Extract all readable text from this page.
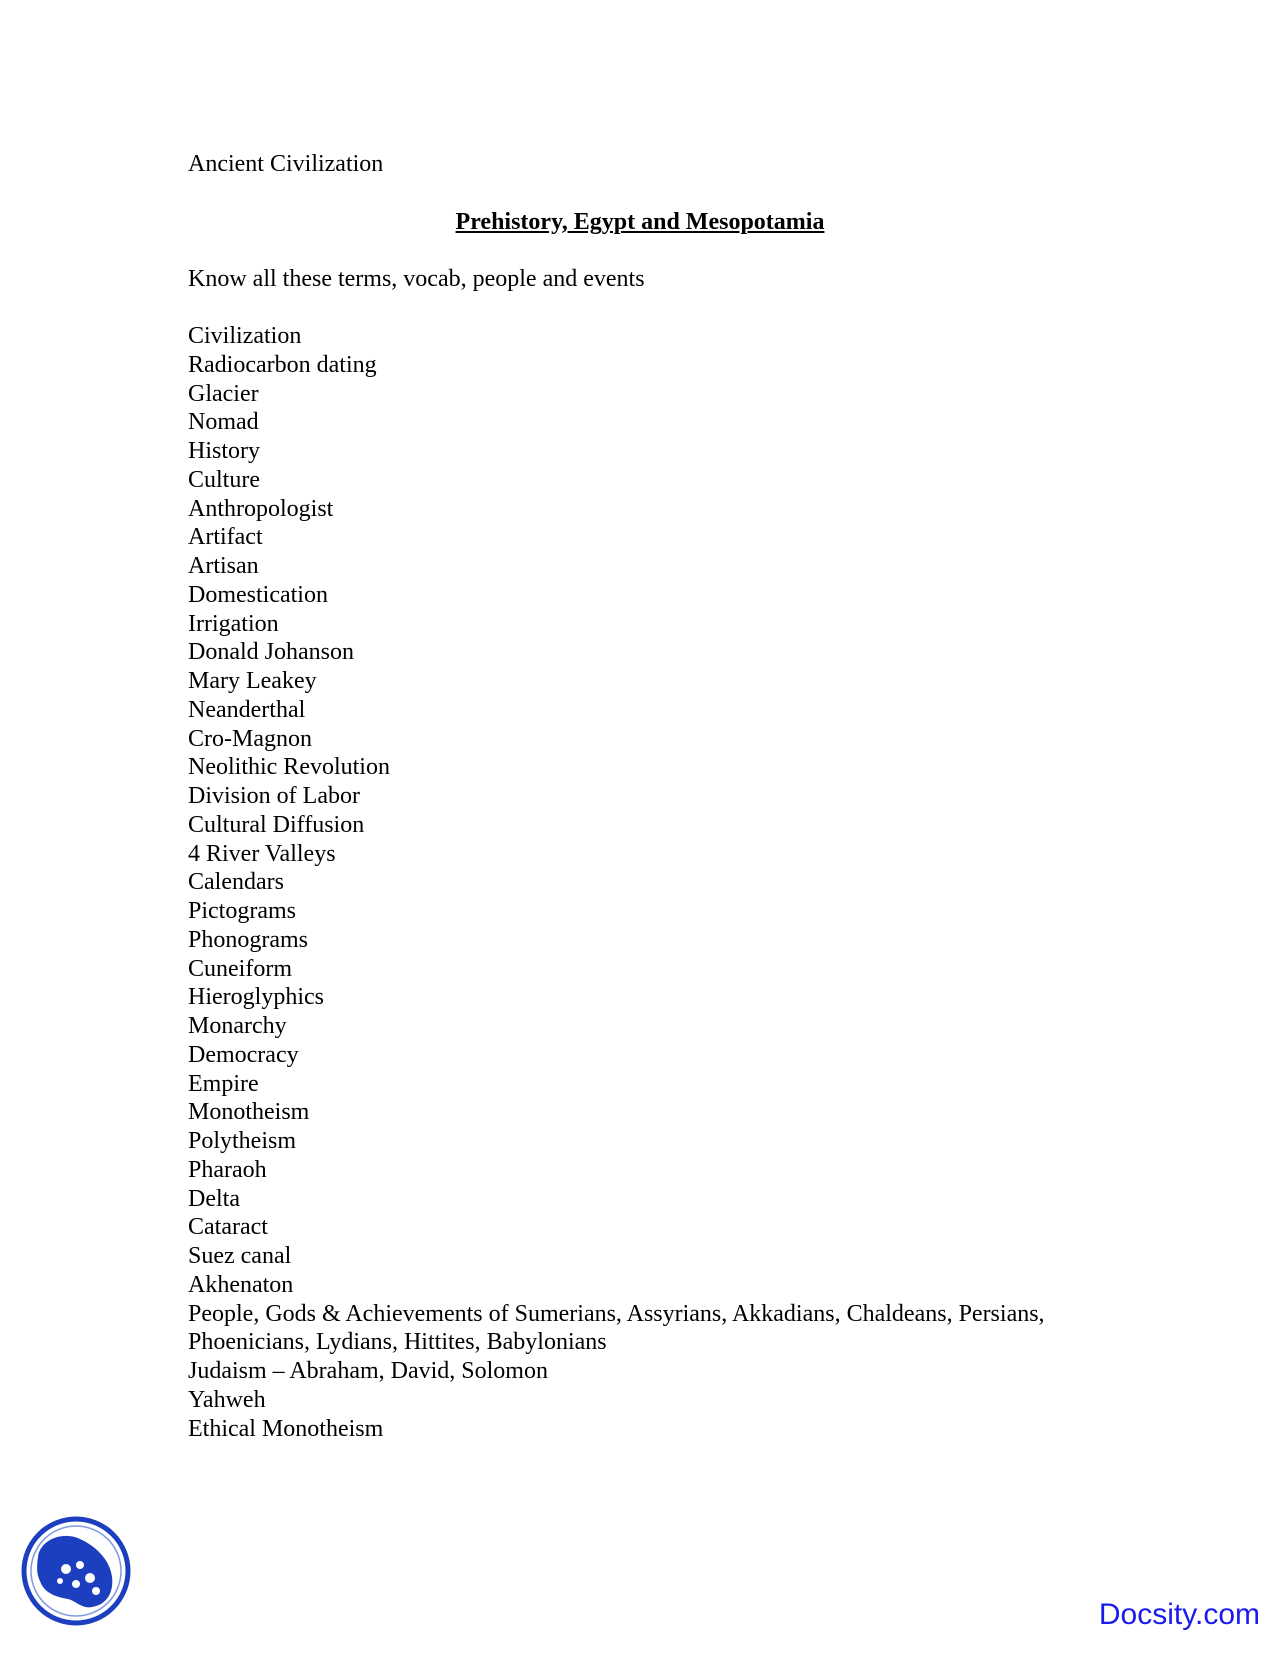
Ancient Civilization
Prehistory, Egypt and Mesopotamia
Know all these terms, vocab, people and events
Civilization
Radiocarbon dating
Glacier
Nomad
History
Culture
Anthropologist
Artifact
Artisan
Domestication
Irrigation
Donald Johanson
Mary Leakey
Neanderthal
Cro-Magnon
Neolithic Revolution
Division of Labor
Cultural Diffusion
4 River Valleys
Calendars
Pictograms
Phonograms
Cuneiform
Hieroglyphics
Monarchy
Democracy
Empire
Monotheism
Polytheism
Pharaoh
Delta
Cataract
Suez canal
Akhenaton
People, Gods & Achievements of Sumerians, Assyrians, Akkadians, Chaldeans, Persians,
Phoenicians, Lydians, Hittites, Babylonians
Judaism – Abraham, David, Solomon
Yahweh
Ethical Monotheism
Docsity.com
